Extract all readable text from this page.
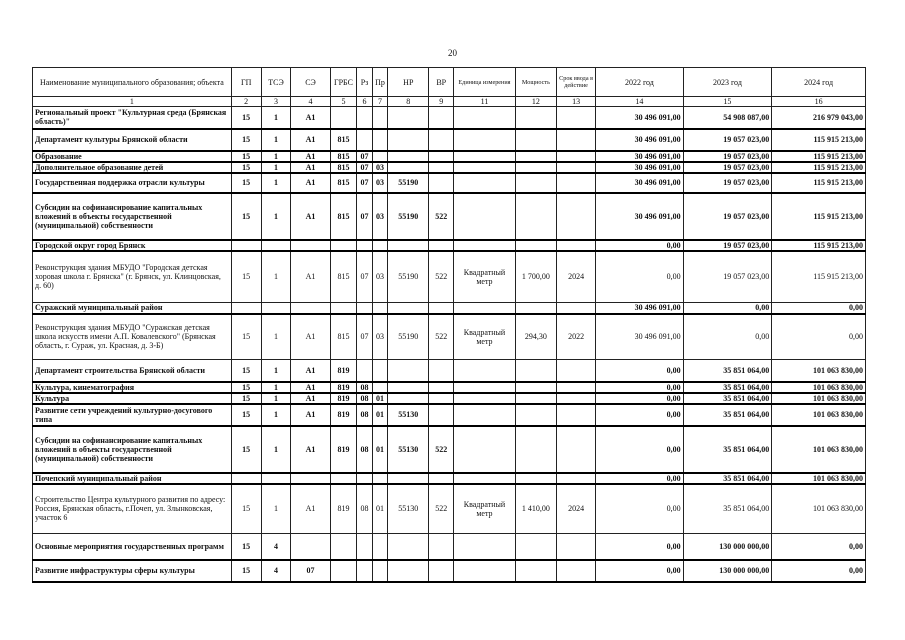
20
Наименование муниципального образования; объекта	ГП	ТСЭ	СЭ	ГРБС	Рз	Пр	НР	ВР	Единица измерения	Мощность	Срок ввода в действие	2022 год	2023 год	2024 год
1	2	3	4	5	6	7	8	9	11	12	13	14	15	16
Региональный проект "Культурная среда (Брянская область)"	15	1	А1									30 496 091,00	54 908 087,00	216 979 043,00
Департамент культуры Брянской области	15	1	А1	815								30 496 091,00	19 057 023,00	115 915 213,00
Образование	15	1	А1	815	07							30 496 091,00	19 057 023,00	115 915 213,00
Дополнительное образование детей	15	1	А1	815	07	03						30 496 091,00	19 057 023,00	115 915 213,00
Государственная поддержка отрасли культуры	15	1	А1	815	07	03	55190					30 496 091,00	19 057 023,00	115 915 213,00
Субсидии на софинансирование капитальных вложений в объекты государственной (муниципальной) собственности	15	1	А1	815	07	03	55190	522				30 496 091,00	19 057 023,00	115 915 213,00
Городской округ город Брянск												0,00	19 057 023,00	115 915 213,00
Реконструкция здания МБУДО "Городская детская хоровая школа г. Брянска" (г. Брянск, ул. Клинцовская, д. 60)	15	1	А1	815	07	03	55190	522	Квадратный метр	1 700,00	2024	0,00	19 057 023,00	115 915 213,00
Суражский муниципальный район												30 496 091,00	0,00	0,00
Реконструкция здания МБУДО "Суражская детская школа искусств имени А.П. Ковалевского" (Брянская область, г. Сураж, ул. Красная, д. 3-Б)	15	1	А1	815	07	03	55190	522	Квадратный метр	294,30	2022	30 496 091,00	0,00	0,00
Департамент строительства Брянской области	15	1	А1	819								0,00	35 851 064,00	101 063 830,00
Культура, кинематография	15	1	А1	819	08							0,00	35 851 064,00	101 063 830,00
Культура	15	1	А1	819	08	01						0,00	35 851 064,00	101 063 830,00
Развитие сети учреждений культурно-досугового типа	15	1	А1	819	08	01	55130					0,00	35 851 064,00	101 063 830,00
Субсидии на софинансирование капитальных вложений в объекты государственной (муниципальной) собственности	15	1	А1	819	08	01	55130	522				0,00	35 851 064,00	101 063 830,00
Почепский муниципальный район												0,00	35 851 064,00	101 063 830,00
Строительство Центра культурного развития по адресу: Россия, Брянская область, г.Почеп, ул. Злынковская, участок 6	15	1	А1	819	08	01	55130	522	Квадратный метр	1 410,00	2024	0,00	35 851 064,00	101 063 830,00
Основные мероприятия государственных программ	15	4										0,00	130 000 000,00	0,00
Развитие инфраструктуры сферы культуры	15	4	07									0,00	130 000 000,00	0,00
